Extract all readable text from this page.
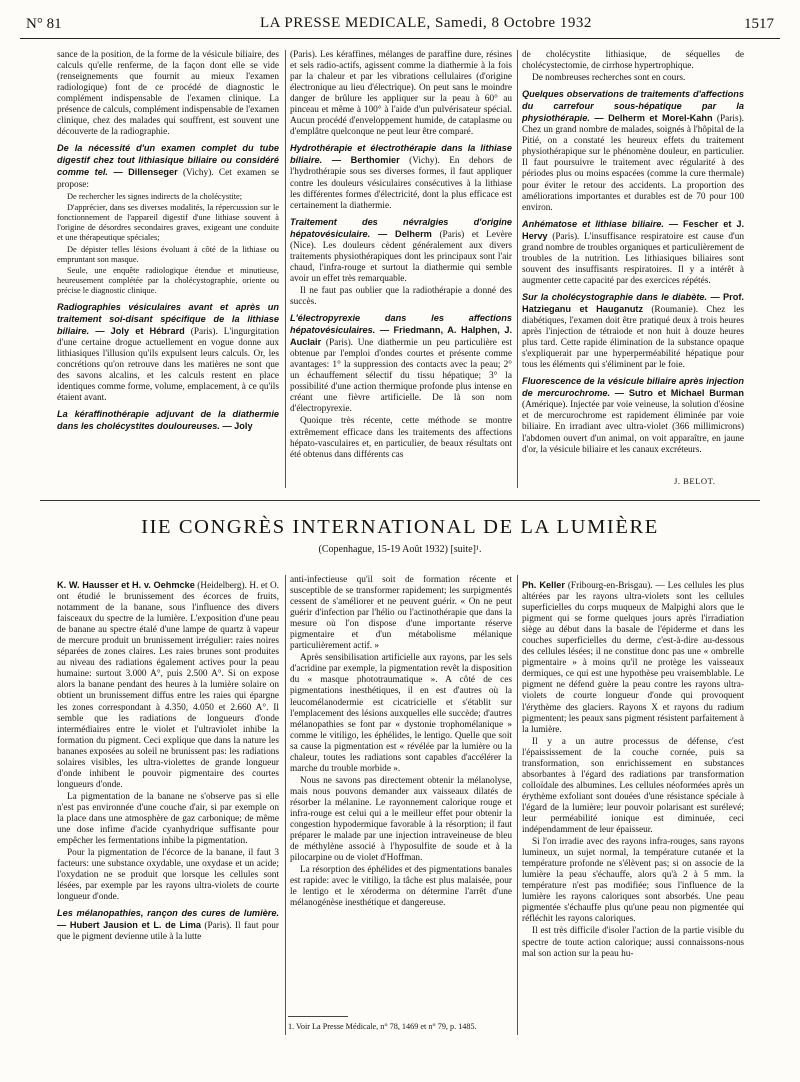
N° 81	LA PRESSE MEDICALE, Samedi, 8 Octobre 1932	1517

sance de la position, de la forme de la vésicule biliaire, des calculs qu'elle renferme, de la façon dont elle se vide (renseignements que fournit au mieux l'examen radiologique) font de ce procédé de diagnostic le complément indispensable de l'examen clinique. La présence de calculs, complément indispensable de l'examen clinique, chez des malades qui souffrent, est souvent une découverte de la radiographie.

De la nécessité d'un examen complet du tube digestif chez tout lithiasique biliaire ou considéré comme tel. — Dillenseger (Vichy). Cet examen se propose:

De rechercher les signes indirects de la cholécystite;

D'apprécier, dans ses diverses modalités, la répercussion sur le fonctionnement de l'appareil digestif d'une lithiase souvent à l'origine de désordres secondaires graves, exigeant une conduite et une thérapeutique spéciales;

De dépister telles lésions évoluant à côté de la lithiase ou empruntant son masque.

Seule, une enquête radiologique étendue et minutieuse, heureusement complétée par la cholécystographie, oriente ou précise le diagnostic clinique.

Radiographies vésiculaires avant et après un traitement soi-disant spécifique de la lithiase biliaire. — Joly et Hébrard (Paris). L'ingurgitation d'une certaine drogue actuellement en vogue donne aux lithiasiques l'illusion qu'ils expulsent leurs calculs. Or, les concrétions qu'on retrouve dans les matières ne sont que des savons alcalins, et les calculs restent en place identiques comme forme, volume, emplacement, à ce qu'ils étaient avant.

La kéraffinothérapie adjuvant de la diathermie dans les cholécystites douloureuses. — Joly

(Paris). Les kéraffines, mélanges de paraffine dure, résines et sels radio-actifs, agissent comme la diathermie à la fois par la chaleur et par les vibrations cellulaires (d'origine électronique au lieu d'électrique). On peut sans le moindre danger de brûlure les appliquer sur la peau à 60° au pinceau et même à 100° à l'aide d'un pulvérisateur spécial. Aucun procédé d'enveloppement humide, de cataplasme ou d'emplâtre quelconque ne peut leur être comparé.

Hydrothérapie et électrothérapie dans la lithiase biliaire. — Berthomier (Vichy). En dehors de l'hydrothérapie sous ses diverses formes, il faut appliquer contre les douleurs vésiculaires consécutives à la lithiase les différentes formes d'électricité, dont la plus efficace est certainement la diathermie.

Traitement des névralgies d'origine hépatovésiculaire. — Delherm (Paris) et Levère (Nice). Les douleurs cèdent généralement aux divers traitements physiothérapiques dont les principaux sont l'air chaud, l'infra-rouge et surtout la diathermie qui semble avoir un effet très remarquable.

Il ne faut pas oublier que la radiothérapie a donné des succès.

L'électropyrexie dans les affections hépatovésiculaires. — Friedmann, A. Halphen, J. Auclair (Paris). Une diathermie un peu particulière est obtenue par l'emploi d'ondes courtes et présente comme avantages: 1° la suppression des contacts avec la peau; 2° un échauffement sélectif du tissu hépatique; 3° la possibilité d'une action thermique profonde plus intense en créant une fièvre artificielle. De là son nom d'électropyrexie.

Quoique très récente, cette méthode se montre extrêmement efficace dans les traitements des affections hépato-vasculaires et, en particulier, de beaux résultats ont été obtenus dans différents cas

de cholécystite lithiasique, de séquelles de cholécystectomie, de cirrhose hypertrophique.

De nombreuses recherches sont en cours.

Quelques observations de traitements d'affections du carrefour sous-hépatique par la physiothérapie. — Delherm et Morel-Kahn (Paris). Chez un grand nombre de malades, soignés à l'hôpital de la Pitié, on a constaté les heureux effets du traitement physiothérapique sur le phénomène douleur, en particulier. Il faut poursuivre le traitement avec régularité à des périodes plus ou moins espacées (comme la cure thermale) pour éviter le retour des accidents. La proportion des améliorations importantes et durables est de 70 pour 100 environ.

Anhématose et lithiase biliaire. — Fescher et J. Hervy (Paris). L'insuffisance respiratoire est cause d'un grand nombre de troubles organiques et particulièrement de troubles de la nutrition. Les lithiasiques biliaires sont souvent des insuffisants respiratoires. Il y a intérêt à augmenter cette capacité par des exercices répétés.

Sur la cholécystographie dans le diabète. — Prof. Hatzieganu et Hauganutz (Roumanie). Chez les diabétiques, l'examen doit être pratiqué deux à trois heures après l'injection de tétraiode et non huit à douze heures plus tard. Cette rapide élimination de la substance opaque s'expliquerait par une hyperperméabilité hépatique pour tous les éléments qui s'éliminent par le foie.

Fluorescence de la vésicule biliaire après injection de mercurochrome. — Sutro et Michael Burman (Amérique). Injectée par voie veineuse, la solution d'éosine et de mercurochrome est rapidement éliminée par voie biliaire. En irradiant avec ultra-violet (366 millimicrons) l'abdomen ouvert d'un animal, on voit apparaître, en jaune d'or, la vésicule biliaire et les canaux excréteurs.

J. BELOT.
IIE CONGRÈS INTERNATIONAL DE LA LUMIÈRE
(Copenhague, 15-19 Août 1932) [suite]¹.

K. W. Hausser et H. v. Oehmcke (Heidelberg). H. et O. ont étudié le brunissement des écorces de fruits, notamment de la banane, sous l'influence des divers faisceaux du spectre de la lumière. L'exposition d'une peau de banane au spectre étalé d'une lampe de quartz à vapeur de mercure produit un brunissement irrégulier: raies noires séparées de zones claires. Les raies brunes sont produites au niveau des radiations également actives pour la peau humaine: surtout 3.000 A°, puis 2.500 A°. Si on expose alors la banane pendant des heures à la lumière solaire on obtient un brunissement diffus entre les raies qui épargne les zones correspondant à 4.350, 4.050 et 2.660 A°. Il semble que les radiations de longueurs d'onde intermédiaires entre le violet et l'ultraviolet inhibe la formation du pigment. Ceci explique que dans la nature les bananes exposées au soleil ne brunissent pas: les radiations solaires visibles, les ultra-violettes de grande longueur d'onde inhibent le pouvoir pigmentaire des courtes longueurs d'onde.

La pigmentation de la banane ne s'observe pas si elle n'est pas environnée d'une couche d'air, si par exemple on la place dans une atmosphère de gaz carbonique; de même une dose infime d'acide cyanhydrique suffisante pour empêcher les fermentations inhibe la pigmentation.

Pour la pigmentation de l'écorce de la banane, il faut 3 facteurs: une substance oxydable, une oxydase et un acide; l'oxydation ne se produit que lorsque les cellules sont lésées, par exemple par les rayons ultra-violets de courte longueur d'onde.

Les mélanopathies, rançon des cures de lumière. — Hubert Jausion et L. de Lima (Paris). Il faut pour que le pigment devienne utile à la lutte

anti-infectieuse qu'il soit de formation récente et susceptible de se transformer rapidement; les surpigmentés cessent de s'améliorer et ne peuvent guérir. « On ne peut guérir d'infection par l'hélio ou l'actinothérapie que dans la mesure où l'on dispose d'une importante réserve pigmentaire et d'un métabolisme mélanique particulièrement actif. »

Après sensibilisation artificielle aux rayons, par les sels d'acridine par exemple, la pigmentation revêt la disposition du « masque phototraumatique ». A côté de ces pigmentations inesthétiques, il en est d'autres où la leucomélanodermie est cicatricielle et s'établit sur l'emplacement des lésions auxquelles elle succède; d'autres mélanopathies se font par « dystonie trophomélanique » comme le vitiligo, les éphélides, le lentigo. Quelle que soit sa cause la pigmentation est « révélée par la lumière ou la chaleur, toutes les radiations sont capables d'accélérer la marche du trouble morbide ».

Nous ne savons pas directement obtenir la mélanolyse, mais nous pouvons demander aux vaisseaux dilatés de résorber la mélanine. Le rayonnement calorique rouge et infra-rouge est celui qui a le meilleur effet pour obtenir la congestion hypodermique favorable à la résorption; il faut préparer le malade par une injection intraveineuse de bleu de méthylène associé à l'hyposulfite de soude et à la pilocarpine ou de violet d'Hoffman.

La résorption des éphélides et des pigmentations banales est rapide: avec le vitiligo, la tâche est plus malaisée, pour le lentigo et le xéroderma on détermine l'arrêt d'une mélanogénèse inesthétique et dangereuse.

Ph. Keller (Fribourg-en-Brisgau). — Les cellules les plus altérées par les rayons ultra-violets sont les cellules superficielles du corps muqueux de Malpighi alors que le pigment qui se forme quelques jours après l'irradiation siège au début dans la basale de l'épiderme et dans les couches superficielles du derme, c'est-à-dire au-dessous des cellules lésées; il ne constitue donc pas une « ombrelle pigmentaire » à moins qu'il ne protège les vaisseaux dermiques, ce qui est une hypothèse peu vraisemblable. Le pigment ne défend guère la peau contre les rayons ultra-violets de courte longueur d'onde qui provoquent l'érythème des glaciers. Rayons X et rayons du radium pigmentent; les peaux sans pigment résistent parfaitement à la lumière.

Il y a un autre processus de défense, c'est l'épaississement de la couche cornée, puis sa transformation, son enrichissement en substances absorbantes à l'égard des radiations par transformation colloïdale des albumines. Les cellules néoformées après un érythème exfoliant sont douées d'une résistance spéciale à l'égard de la lumière; leur pouvoir polarisant est surélevé; leur perméabilité ionique est diminuée, ceci indépendamment de leur épaisseur.

Si l'on irradie avec des rayons infra-rouges, sans rayons lumineux, un sujet normal, la température cutanée et la température profonde ne s'élèvent pas; si on associe de la lumière la peau s'échauffe, alors qu'à 2 à 5 mm. la température n'est pas modifiée; sous l'influence de la lumière les rayons caloriques sont absorbés. Une peau pigmentée s'échauffe plus qu'une peau non pigmentée qui réfléchit les rayons caloriques.

Il est très difficile d'isoler l'action de la partie visible du spectre de toute action calorique; aussi connaissons-nous mal son action sur la peau hu-

1. Voir La Presse Médicale, n° 78, 1469 et n° 79, p. 1485.
